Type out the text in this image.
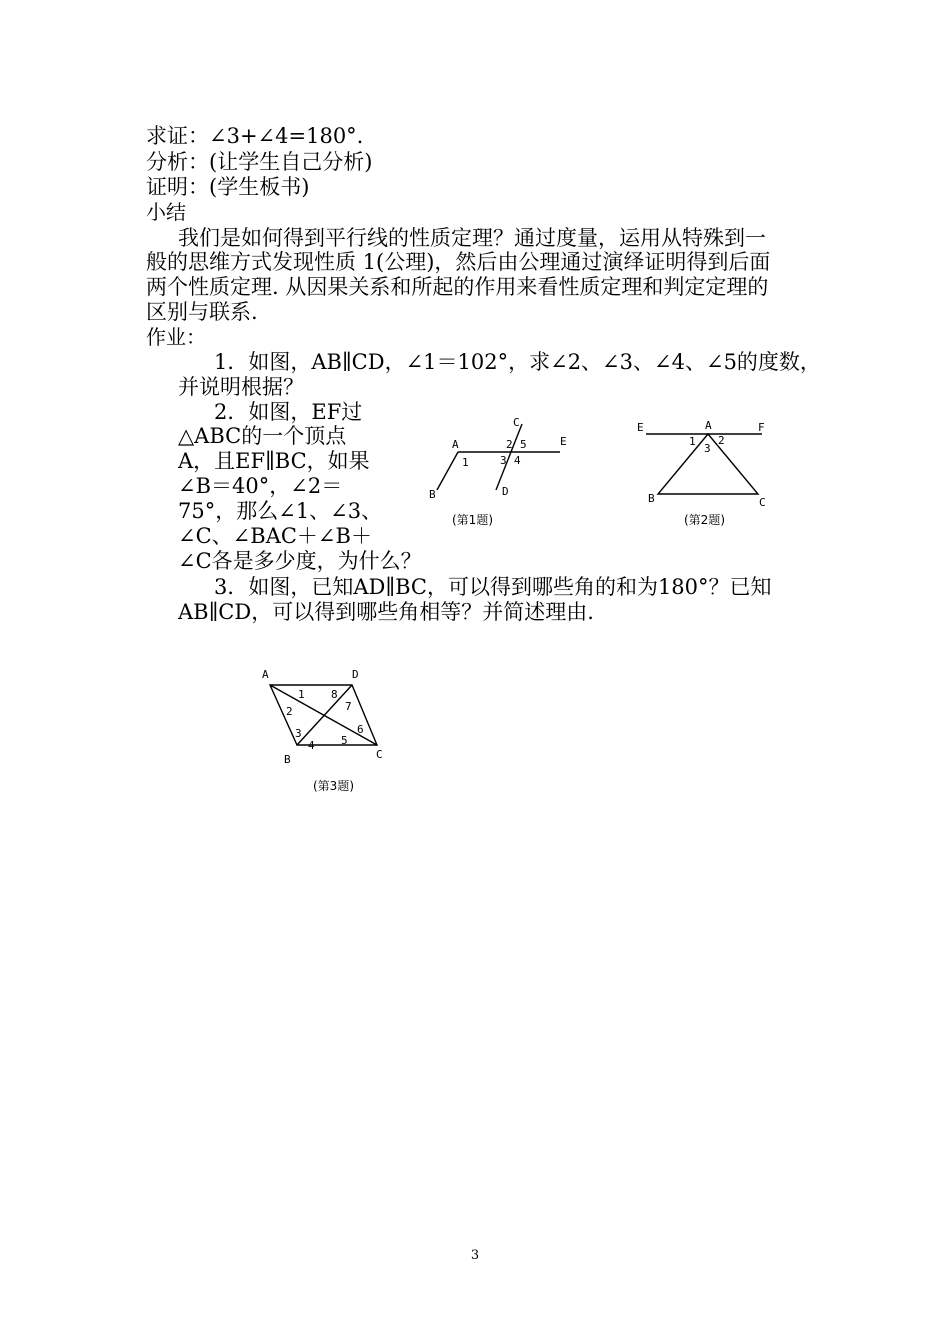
求证：∠3+∠4=180°.
分析：(让学生自己分析)
证明：(学生板书)
小结
我们是如何得到平行线的性质定理？通过度量，运用从特殊到一
般的思维方式发现性质 1(公理)，然后由公理通过演绎证明得到后面
两个性质定理. 从因果关系和所起的作用来看性质定理和判定定理的
区别与联系.
作业：
1．如图，AB∥CD，∠1＝102°，求∠2、∠3、∠4、∠5的度数，
并说明根据？
2．如图，EF过
△ABC的一个顶点
A，且EF∥BC，如果
∠B＝40°，∠2＝
75°，那么∠1、∠3、
∠C、∠BAC＋∠B＋
∠C各是多少度，为什么？
3．如图，已知AD∥BC，可以得到哪些角的和为180°？已知
AB∥CD，可以得到哪些角相等？并简述理由.
A
B
C
D
E
1
2 5
3 4
(第1题)
E	A	F
B	C
1 2
3
(第2题)
A	D
B	C
1
2
3
4 5
6
7
8
(第3题)
3
